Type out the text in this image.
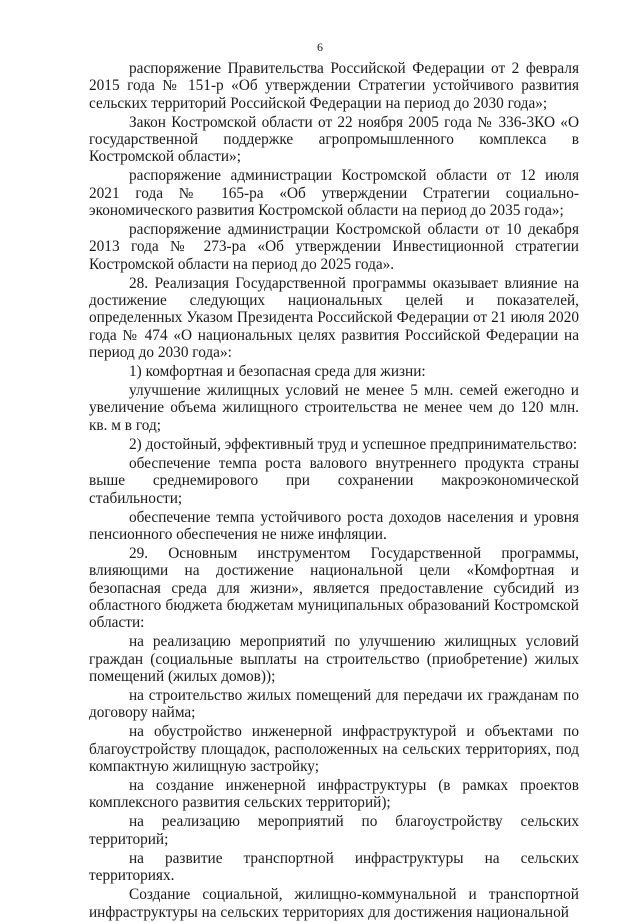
6

распоряжение Правительства Российской Федерации от 2 февраля 2015 года № 151-р «Об утверждении Стратегии устойчивого развития сельских территорий Российской Федерации на период до 2030 года»;

Закон Костромской области от 22 ноября 2005 года № 336-3КО «О государственной поддержке агропромышленного комплекса в Костромской области»;

распоряжение администрации Костромской области от 12 июля 2021 года № 165-ра «Об утверждении Стратегии социально-экономического развития Костромской области на период до 2035 года»;

распоряжение администрации Костромской области от 10 декабря 2013 года № 273-ра «Об утверждении Инвестиционной стратегии Костромской области на период до 2025 года».

28. Реализация Государственной программы оказывает влияние на достижение следующих национальных целей и показателей, определенных Указом Президента Российской Федерации от 21 июля 2020 года № 474 «О национальных целях развития Российской Федерации на период до 2030 года»:

1) комфортная и безопасная среда для жизни:

улучшение жилищных условий не менее 5 млн. семей ежегодно и увеличение объема жилищного строительства не менее чем до 120 млн. кв. м в год;

2) достойный, эффективный труд и успешное предпринимательство:

обеспечение темпа роста валового внутреннего продукта страны выше среднемирового при сохранении макроэкономической стабильности;

обеспечение темпа устойчивого роста доходов населения и уровня пенсионного обеспечения не ниже инфляции.

29. Основным инструментом Государственной программы, влияющими на достижение национальной цели «Комфортная и безопасная среда для жизни», является предоставление субсидий из областного бюджета бюджетам муниципальных образований Костромской области:

на реализацию мероприятий по улучшению жилищных условий граждан (социальные выплаты на строительство (приобретение) жилых помещений (жилых домов));

на строительство жилых помещений для передачи их гражданам по договору найма;

на обустройство инженерной инфраструктурой и объектами по благоустройству площадок, расположенных на сельских территориях, под компактную жилищную застройку;

на создание инженерной инфраструктуры (в рамках проектов комплексного развития сельских территорий);

на реализацию мероприятий по благоустройству сельских территорий;

на развитие транспортной инфраструктуры на сельских территориях.

Создание социальной, жилищно-коммунальной и транспортной инфраструктуры на сельских территориях для достижения национальной
